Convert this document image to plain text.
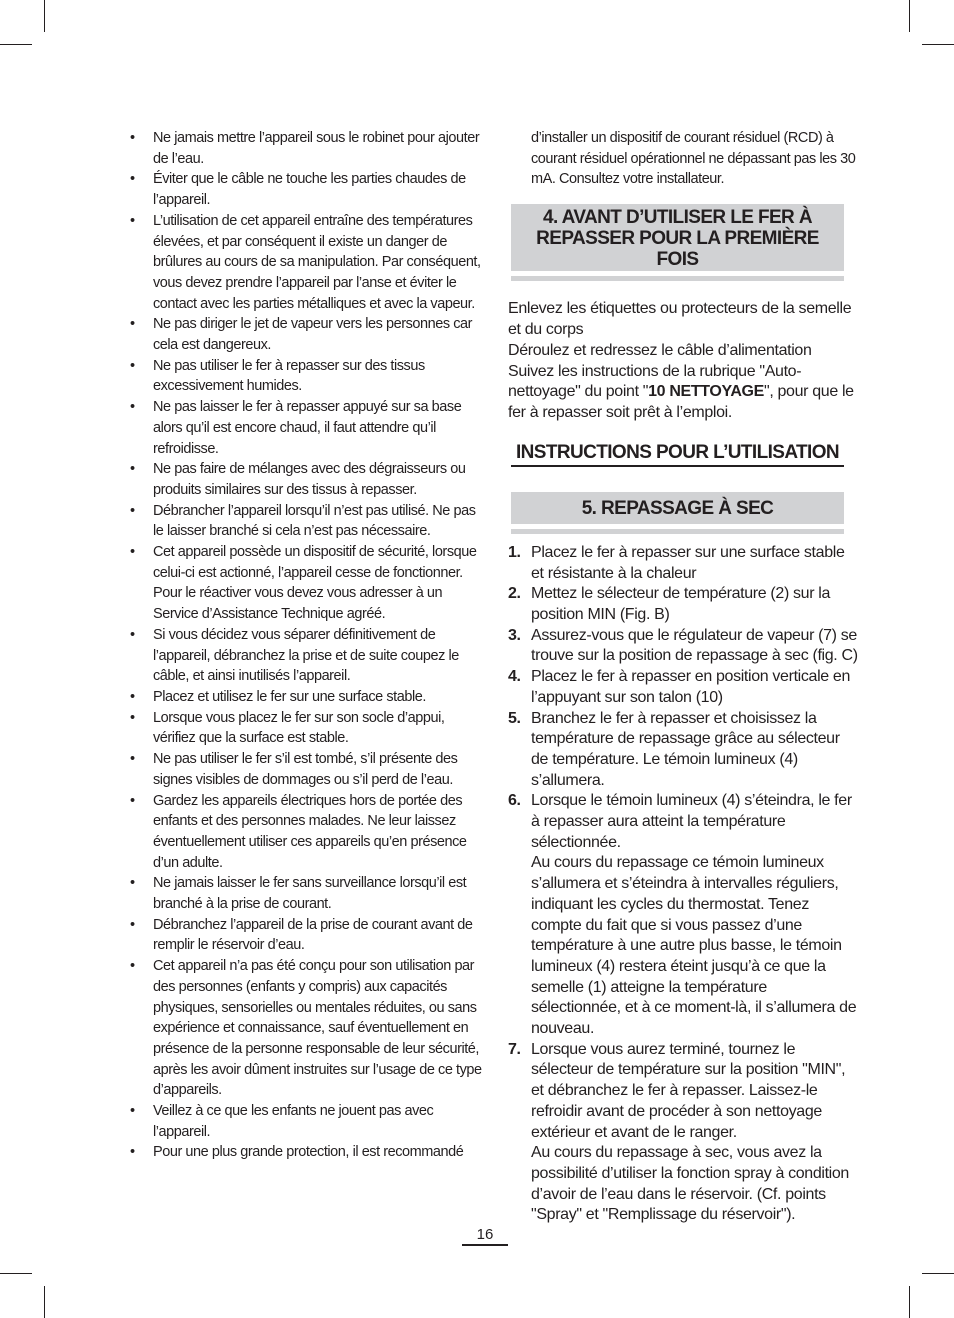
• Ne jamais mettre l’appareil sous le robinet pour ajouter de l’eau.
• Éviter que le câble ne touche les parties chaudes de l’appareil.
• L’utilisation de cet appareil entraîne des températures élevées, et par conséquent il existe un danger de brûlures au cours de sa manipulation. Par conséquent, vous devez prendre l’appareil par l’anse et éviter le contact avec les parties métalliques et avec la vapeur.
• Ne pas diriger le jet de vapeur vers les personnes car cela est dangereux.
• Ne pas utiliser le fer à repasser sur des tissus excessivement humides.
• Ne pas laisser le fer à repasser appuyé sur sa base alors qu’il est encore chaud, il faut attendre qu’il refroidisse.
• Ne pas faire de mélanges avec des dégraisseurs ou produits similaires sur des tissus à repasser.
• Débrancher l’appareil lorsqu’il n’est pas utilisé. Ne pas le laisser branché si cela n’est pas nécessaire.
• Cet appareil possède un dispositif de sécurité, lorsque celui-ci est actionné, l’appareil cesse de fonctionner. Pour le réactiver vous devez vous adresser à un Service d’Assistance Technique agréé.
• Si vous décidez vous séparer définitivement de l’appareil, débranchez la prise et de suite coupez le câble, et ainsi inutilisés l’appareil.
• Placez et utilisez le fer sur une surface stable.
• Lorsque vous placez le fer sur son socle d’appui, vérifiez que la surface est stable.
• Ne pas utiliser le fer s’il est tombé, s’il présente des signes visibles de dommages ou s’il perd de l’eau.
• Gardez les appareils électriques hors de portée des enfants et des personnes malades. Ne leur laissez éventuellement utiliser ces appareils qu’en présence d’un adulte.
• Ne jamais laisser le fer sans surveillance lorsqu’il est branché à la prise de courant.
• Débranchez l’appareil de la prise de courant avant de remplir le réservoir d’eau.
• Cet appareil n’a pas été conçu pour son utilisation par des personnes (enfants y compris) aux capacités physiques, sensorielles ou mentales réduites, ou sans expérience et connaissance, sauf éventuellement en présence de la personne responsable de leur sécurité, après les avoir dûment instruites sur l’usage de ce type d’appareils.
• Veillez à ce que les enfants ne jouent pas avec l’appareil.
• Pour une plus grande protection, il est recommandé

d’installer un dispositif de courant résiduel (RCD) à courant résiduel opérationnel ne dépassant pas les 30 mA. Consultez votre installateur.

4. AVANT D’UTILISER LE FER À
REPASSER POUR LA PREMIÈRE FOIS

Enlevez les étiquettes ou protecteurs de la semelle et du corps

Déroulez et redressez le câble d’alimentation

Suivez les instructions de la rubrique "Auto-nettoyage" du point "10 NETTOYAGE", pour que le fer à repasser soit prêt à l’emploi.

INSTRUCTIONS POUR L’UTILISATION
5. REPASSAGE À SEC
1. Placez le fer à repasser sur une surface stable et résistante à la chaleur
2. Mettez le sélecteur de température (2) sur la position MIN (Fig. B)
3. Assurez-vous que le régulateur de vapeur (7) se trouve sur la position de repassage à sec (fig. C)
4. Placez le fer à repasser en position verticale en l’appuyant sur son talon (10)
5. Branchez le fer à repasser et choisissez la température de repassage grâce au sélecteur de température. Le témoin lumineux (4) s’allumera.
6. Lorsque le témoin lumineux (4) s’éteindra, le fer à repasser aura atteint la température sélectionnée.
Au cours du repassage ce témoin lumineux s’allumera et s’éteindra à intervalles réguliers, indiquant les cycles du thermostat. Tenez compte du fait que si vous passez d’une température à une autre plus basse, le témoin lumineux (4) restera éteint jusqu’à ce que la semelle (1) atteigne la température sélectionnée, et à ce moment-là, il s’allumera de nouveau.
7. Lorsque vous aurez terminé, tournez le sélecteur de température sur la position "MIN", et débranchez le fer à repasser. Laissez-le refroidir avant de procéder à son nettoyage extérieur et avant de le ranger.
Au cours du repassage à sec, vous avez la possibilité d’utiliser la fonction spray à condition d’avoir de l’eau dans le réservoir. (Cf. points "Spray" et "Remplissage du réservoir").
16
